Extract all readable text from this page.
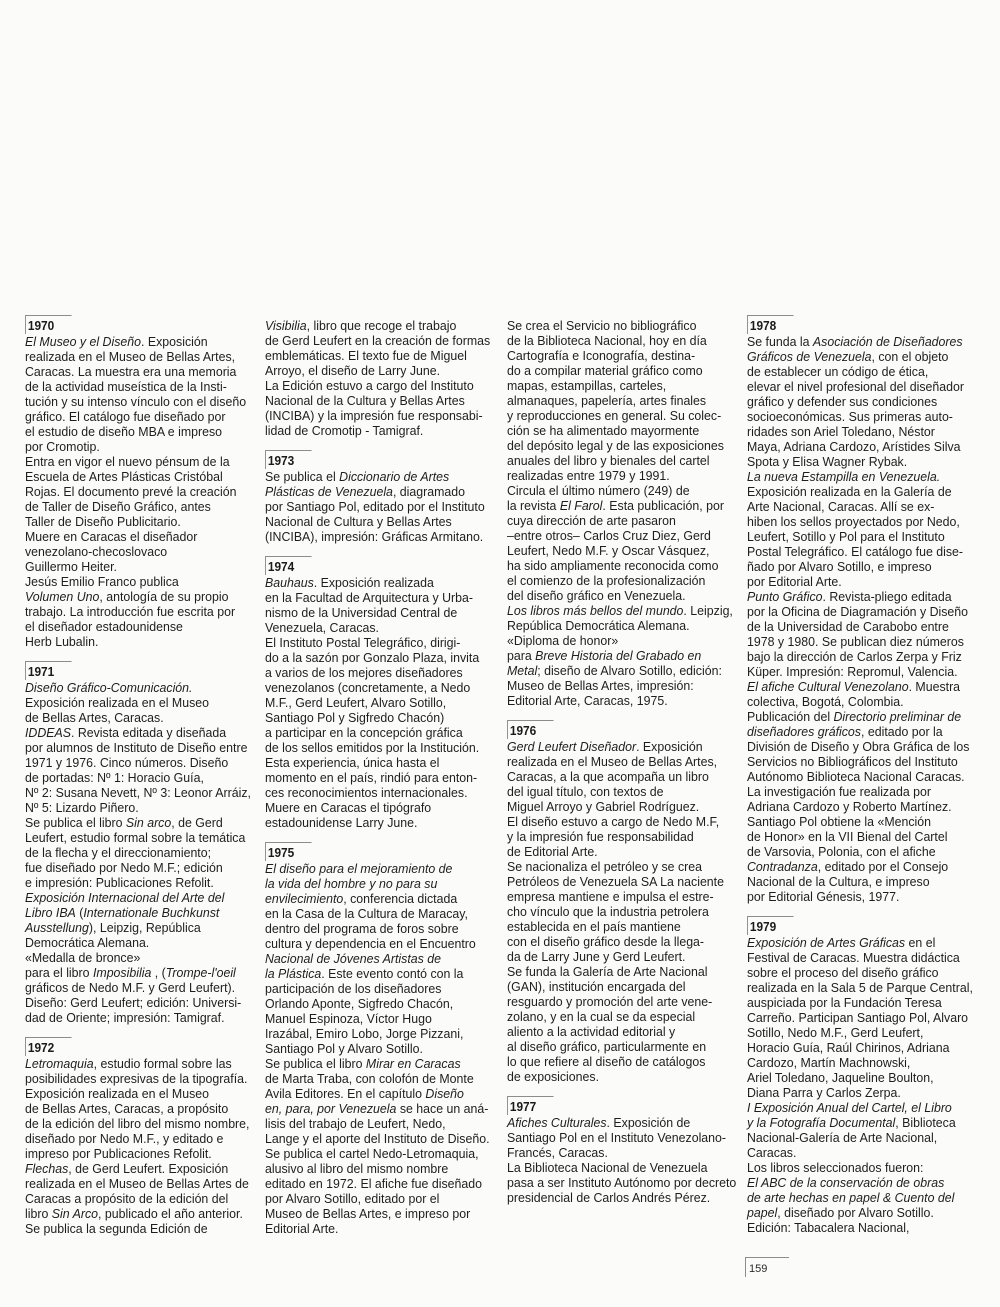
1970
El Museo y el Diseño. Exposición
realizada en el Museo de Bellas Artes,
Caracas. La muestra era una memoria
de la actividad museística de la Insti-
tución y su intenso vínculo con el diseño
gráfico. El catálogo fue diseñado por
el estudio de diseño MBA e impreso
por Cromotip.
Entra en vigor el nuevo pénsum de la
Escuela de Artes Plásticas Cristóbal
Rojas. El documento prevé la creación
de Taller de Diseño Gráfico, antes
Taller de Diseño Publicitario.
Muere en Caracas el diseñador
venezolano-checoslovaco
Guillermo Heiter.
Jesús Emilio Franco publica
Volumen Uno, antología de su propio
trabajo. La introducción fue escrita por
el diseñador estadounidense
Herb Lubalin.
1971
Diseño Gráfico-Comunicación.
Exposición realizada en el Museo
de Bellas Artes, Caracas.
IDDEAS. Revista editada y diseñada
por alumnos de Instituto de Diseño entre
1971 y 1976. Cinco números. Diseño
de portadas: Nº 1: Horacio Guía,
Nº 2: Susana Nevett, Nº 3: Leonor Arráiz,
Nº 5: Lizardo Piñero.
Se publica el libro Sin arco, de Gerd
Leufert, estudio formal sobre la temática
de la flecha y el direccionamiento;
fue diseñado por Nedo M.F.; edición
e impresión: Publicaciones Refolit.
Exposición Internacional del Arte del
Libro IBA (Internationale Buchkunst
Ausstellung), Leipzig, República
Democrática Alemana.
«Medalla de bronce»
para el libro Imposibilia , (Trompe-l'oeil
gráficos de Nedo M.F. y Gerd Leufert).
Diseño: Gerd Leufert; edición: Universi-
dad de Oriente; impresión: Tamigraf.
1972
Letromaquia, estudio formal sobre las
posibilidades expresivas de la tipografía.
Exposición realizada en el Museo
de Bellas Artes, Caracas, a propósito
de la edición del libro del mismo nombre,
diseñado por Nedo M.F., y editado e
impreso por Publicaciones Refolit.
Flechas, de Gerd Leufert. Exposición
realizada en el Museo de Bellas Artes de
Caracas a propósito de la edición del
libro Sin Arco, publicado el año anterior.
Se publica la segunda Edición de
Visibilia, libro que recoge el trabajo
de Gerd Leufert en la creación de formas
emblemáticas. El texto fue de Miguel
Arroyo, el diseño de Larry June.
La Edición estuvo a cargo del Instituto
Nacional de la Cultura y Bellas Artes
(INCIBA) y la impresión fue responsabi-
lidad de Cromotip - Tamigraf.
1973
Se publica el Diccionario de Artes
Plásticas de Venezuela, diagramado
por Santiago Pol, editado por el Instituto
Nacional de Cultura y Bellas Artes
(INCIBA), impresión: Gráficas Armitano.
1974
Bauhaus. Exposición realizada
en la Facultad de Arquitectura y Urba-
nismo de la Universidad Central de
Venezuela, Caracas.
El Instituto Postal Telegráfico, dirigi-
do a la sazón por Gonzalo Plaza, invita
a varios de los mejores diseñadores
venezolanos (concretamente, a Nedo
M.F., Gerd Leufert, Alvaro Sotillo,
Santiago Pol y Sigfredo Chacón)
a participar en la concepción gráfica
de los sellos emitidos por la Institución.
Esta experiencia, única hasta el
momento en el país, rindió para enton-
ces reconocimientos internacionales.
Muere en Caracas el tipógrafo
estadounidense Larry June.
1975
El diseño para el mejoramiento de
la vida del hombre y no para su
envilecimiento, conferencia dictada
en la Casa de la Cultura de Maracay,
dentro del programa de foros sobre
cultura y dependencia en el Encuentro
Nacional de Jóvenes Artistas de
la Plástica. Este evento contó con la
participación de los diseñadores
Orlando Aponte, Sigfredo Chacón,
Manuel Espinoza, Víctor Hugo
Irazábal, Emiro Lobo, Jorge Pizzani,
Santiago Pol y Alvaro Sotillo.
Se publica el libro Mirar en Caracas
de Marta Traba, con colofón de Monte
Avila Editores. En el capítulo Diseño
en, para, por Venezuela se hace un aná-
lisis del trabajo de Leufert, Nedo,
Lange y el aporte del Instituto de Diseño.
Se publica el cartel Nedo-Letromaquia,
alusivo al libro del mismo nombre
editado en 1972. El afiche fue diseñado
por Alvaro Sotillo, editado por el
Museo de Bellas Artes, e impreso por
Editorial Arte.
Se crea el Servicio no bibliográfico
de la Biblioteca Nacional, hoy en día
Cartografía e Iconografía, destina-
do a compilar material gráfico como
mapas, estampillas, carteles,
almanaques, papelería, artes finales
y reproducciones en general. Su colec-
ción se ha alimentado mayormente
del depósito legal y de las exposiciones
anuales del libro y bienales del cartel
realizadas entre 1979 y 1991.
Circula el último número (249) de
la revista El Farol. Esta publicación, por
cuya dirección de arte pasaron
–entre otros– Carlos Cruz Diez, Gerd
Leufert, Nedo M.F. y Oscar Vásquez,
ha sido ampliamente reconocida como
el comienzo de la profesionalización
del diseño gráfico en Venezuela.
Los libros más bellos del mundo. Leipzig,
República Democrática Alemana.
«Diploma de honor»
para Breve Historia del Grabado en
Metal; diseño de Alvaro Sotillo, edición:
Museo de Bellas Artes, impresión:
Editorial Arte, Caracas, 1975.
1976
Gerd Leufert Diseñador. Exposición
realizada en el Museo de Bellas Artes,
Caracas, a la que acompaña un libro
del igual título, con textos de
Miguel Arroyo y Gabriel Rodríguez.
El diseño estuvo a cargo de Nedo M.F,
y la impresión fue responsabilidad
de Editorial Arte.
Se nacionaliza el petróleo y se crea
Petróleos de Venezuela SA La naciente
empresa mantiene e impulsa el estre-
cho vínculo que la industria petrolera
establecida en el país mantiene
con el diseño gráfico desde la llega-
da de Larry June y Gerd Leufert.
Se funda la Galería de Arte Nacional
(GAN), institución encargada del
resguardo y promoción del arte vene-
zolano, y en la cual se da especial
aliento a la actividad editorial y
al diseño gráfico, particularmente en
lo que refiere al diseño de catálogos
de exposiciones.
1977
Afiches Culturales. Exposición de
Santiago Pol en el Instituto Venezolano-
Francés, Caracas.
La Biblioteca Nacional de Venezuela
pasa a ser Instituto Autónomo por decreto
presidencial de Carlos Andrés Pérez.
1978
Se funda la Asociación de Diseñadores
Gráficos de Venezuela, con el objeto
de establecer un código de ética,
elevar el nivel profesional del diseñador
gráfico y defender sus condiciones
socioeconómicas. Sus primeras auto-
ridades son Ariel Toledano, Néstor
Maya, Adriana Cardozo, Arístides Silva
Spota y Elisa Wagner Rybak.
La nueva Estampilla en Venezuela.
Exposición realizada en la Galería de
Arte Nacional, Caracas. Allí se ex-
hiben los sellos proyectados por Nedo,
Leufert, Sotillo y Pol para el Instituto
Postal Telegráfico. El catálogo fue dise-
ñado por Alvaro Sotillo, e impreso
por Editorial Arte.
Punto Gráfico. Revista-pliego editada
por la Oficina de Diagramación y Diseño
de la Universidad de Carabobo entre
1978 y 1980. Se publican diez números
bajo la dirección de Carlos Zerpa y Friz
Küper. Impresión: Repromul, Valencia.
El afiche Cultural Venezolano. Muestra
colectiva, Bogotá, Colombia.
Publicación del Directorio preliminar de
diseñadores gráficos, editado por la
División de Diseño y Obra Gráfica de los
Servicios no Bibliográficos del Instituto
Autónomo Biblioteca Nacional Caracas.
La investigación fue realizada por
Adriana Cardozo y Roberto Martínez.
Santiago Pol obtiene la «Mención
de Honor» en la VII Bienal del Cartel
de Varsovia, Polonia, con el afiche
Contradanza, editado por el Consejo
Nacional de la Cultura, e impreso
por Editorial Génesis, 1977.
1979
Exposición de Artes Gráficas en el
Festival de Caracas. Muestra didáctica
sobre el proceso del diseño gráfico
realizada en la Sala 5 de Parque Central,
auspiciada por la Fundación Teresa
Carreño. Participan Santiago Pol, Alvaro
Sotillo, Nedo M.F., Gerd Leufert,
Horacio Guía, Raúl Chirinos, Adriana
Cardozo, Martín Machnowski,
Ariel Toledano, Jaqueline Boulton,
Diana Parra y Carlos Zerpa.
I Exposición Anual del Cartel, el Libro
y la Fotografía Documental, Biblioteca
Nacional-Galería de Arte Nacional,
Caracas.
Los libros seleccionados fueron:
El ABC de la conservación de obras
de arte hechas en papel & Cuento del
papel, diseñado por Alvaro Sotillo.
Edición: Tabacalera Nacional,
159
